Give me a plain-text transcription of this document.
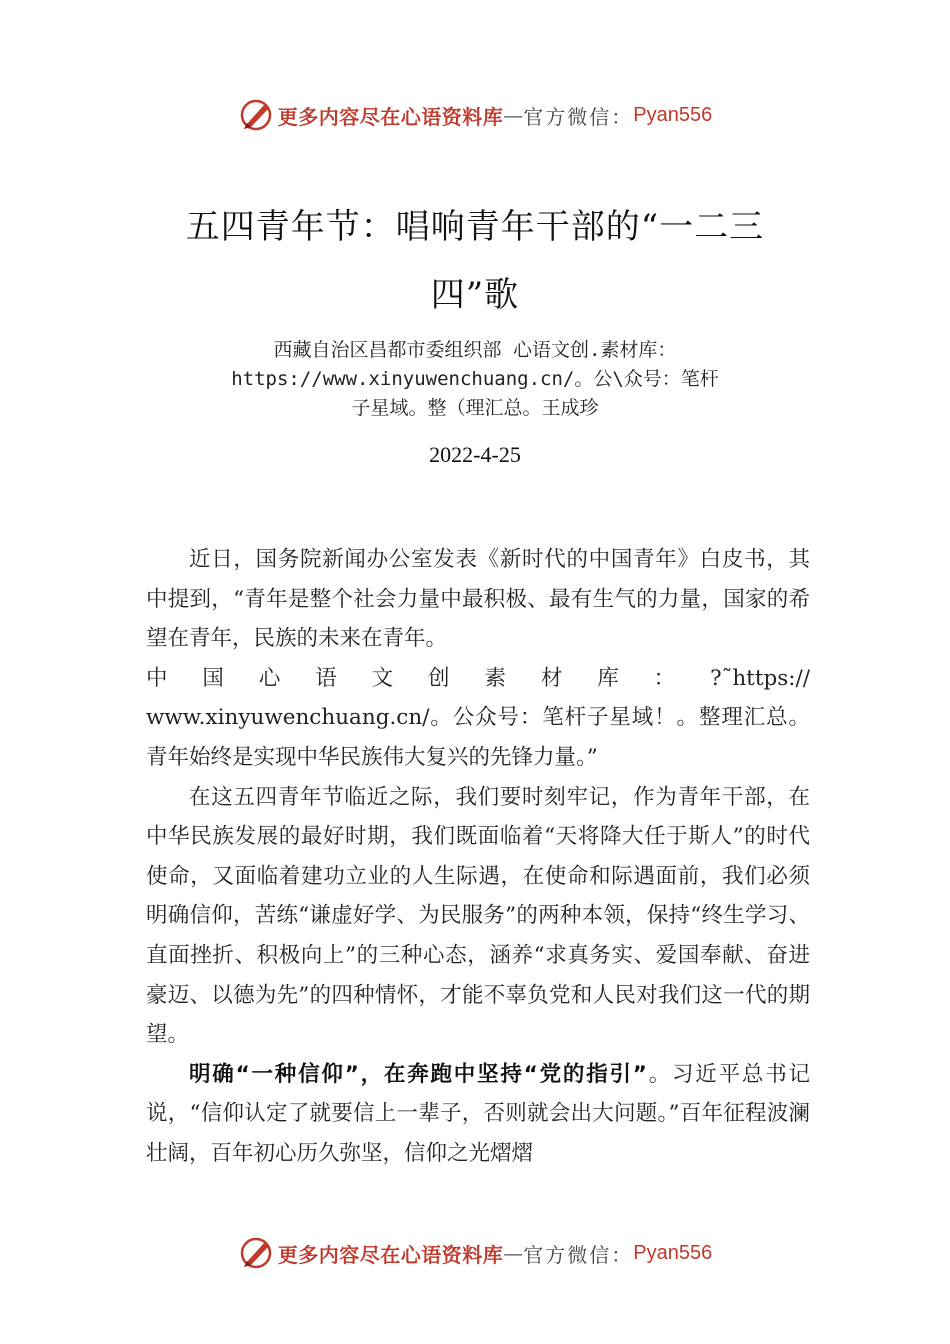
更多内容尽在心语资料库 — 官方微信： Pyan556
五四青年节：唱响青年干部的“一二三
四”歌
西藏自治区昌都市委组织部 心语文创.素材库：
https://www.xinyuwenchuang.cn/。公\众号：笔杆
子星域。整（理汇总。王成珍
2022-4-25

近日，国务院新闻办公室发表《新时代的中国青年》白皮书，其中提到，“青年是整个社会力量中最积极、最有生气的力量，国家的希望在青年，民族的未来在青年。

中 国 心 语 文 创 素 材 库 ： ?˜https://

www.xinyuwenchuang.cn/。公众号：笔杆子星域！。整理汇总。青年始终是实现中华民族伟大复兴的先锋力量。”

在这五四青年节临近之际，我们要时刻牢记，作为青年干部，在中华民族发展的最好时期，我们既面临着“天将降大任于斯人”的时代使命，又面临着建功立业的人生际遇，在使命和际遇面前，我们必须明确信仰，苦练“谦虚好学、为民服务”的两种本领，保持“终生学习、直面挫折、积极向上”的三种心态，涵养“求真务实、爱国奉献、奋进豪迈、以德为先”的四种情怀，才能不辜负党和人民对我们这一代的期望。

明确“一种信仰”，在奔跑中坚持“党的指引”。习近平总书记说，“信仰认定了就要信上一辈子，否则就会出大问题。”百年征程波澜壮阔，百年初心历久弥坚，信仰之光熠熠

更多内容尽在心语资料库 — 官方微信： Pyan556
